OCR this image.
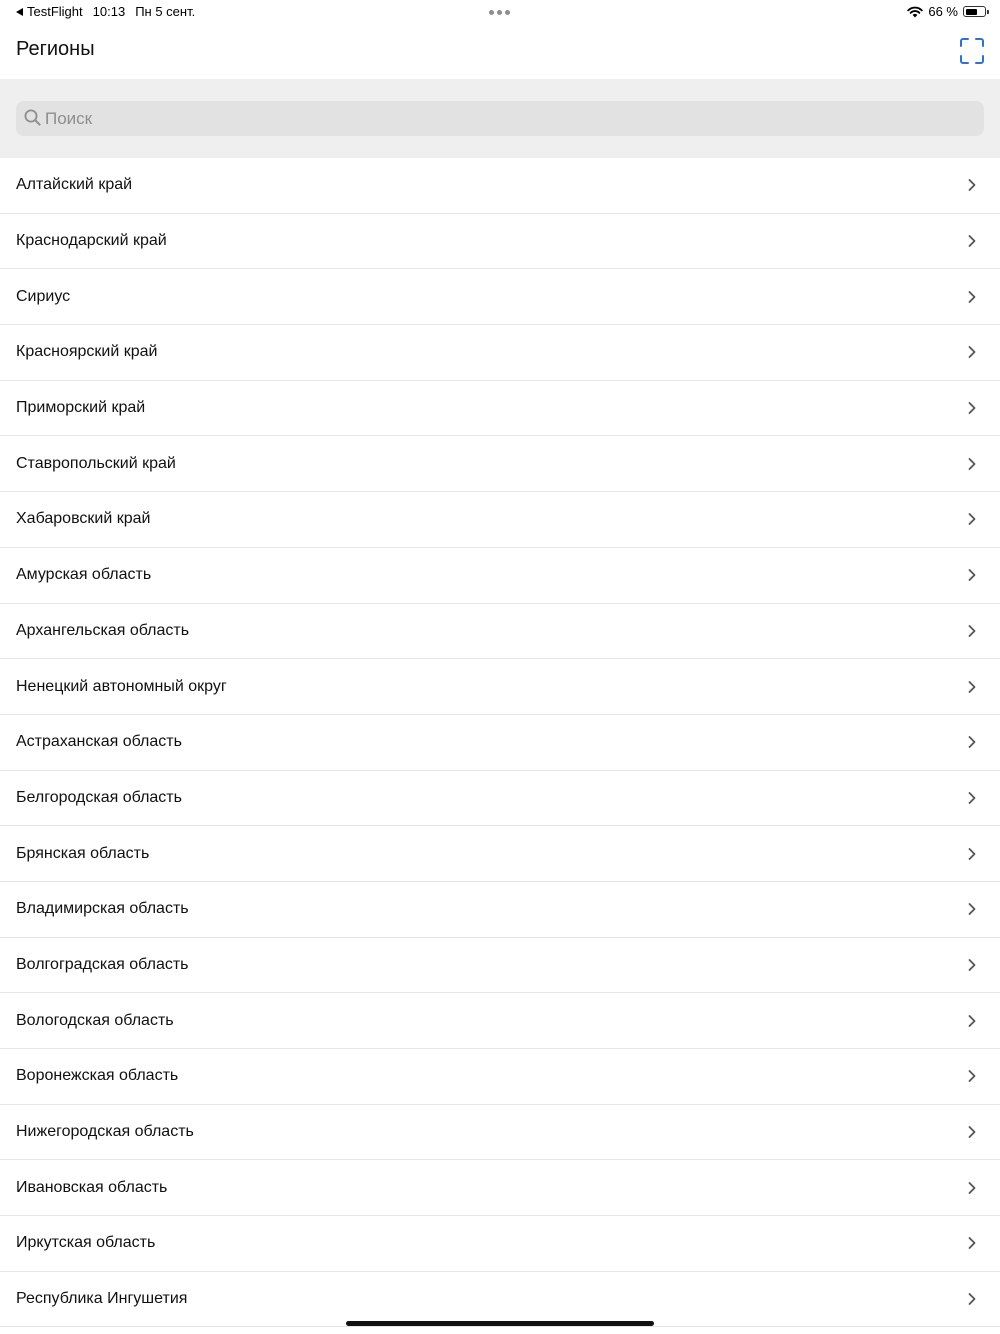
TestFlight 10:13 Пн 5 сент.	66 %
Регионы
Поиск
Алтайский край
Краснодарский край
Сириус
Красноярский край
Приморский край
Ставропольский край
Хабаровский край
Амурская область
Архангельская область
Ненецкий автономный округ
Астраханская область
Белгородская область
Брянская область
Владимирская область
Волгоградская область
Вологодская область
Воронежская область
Нижегородская область
Ивановская область
Иркутская область
Республика Ингушетия
